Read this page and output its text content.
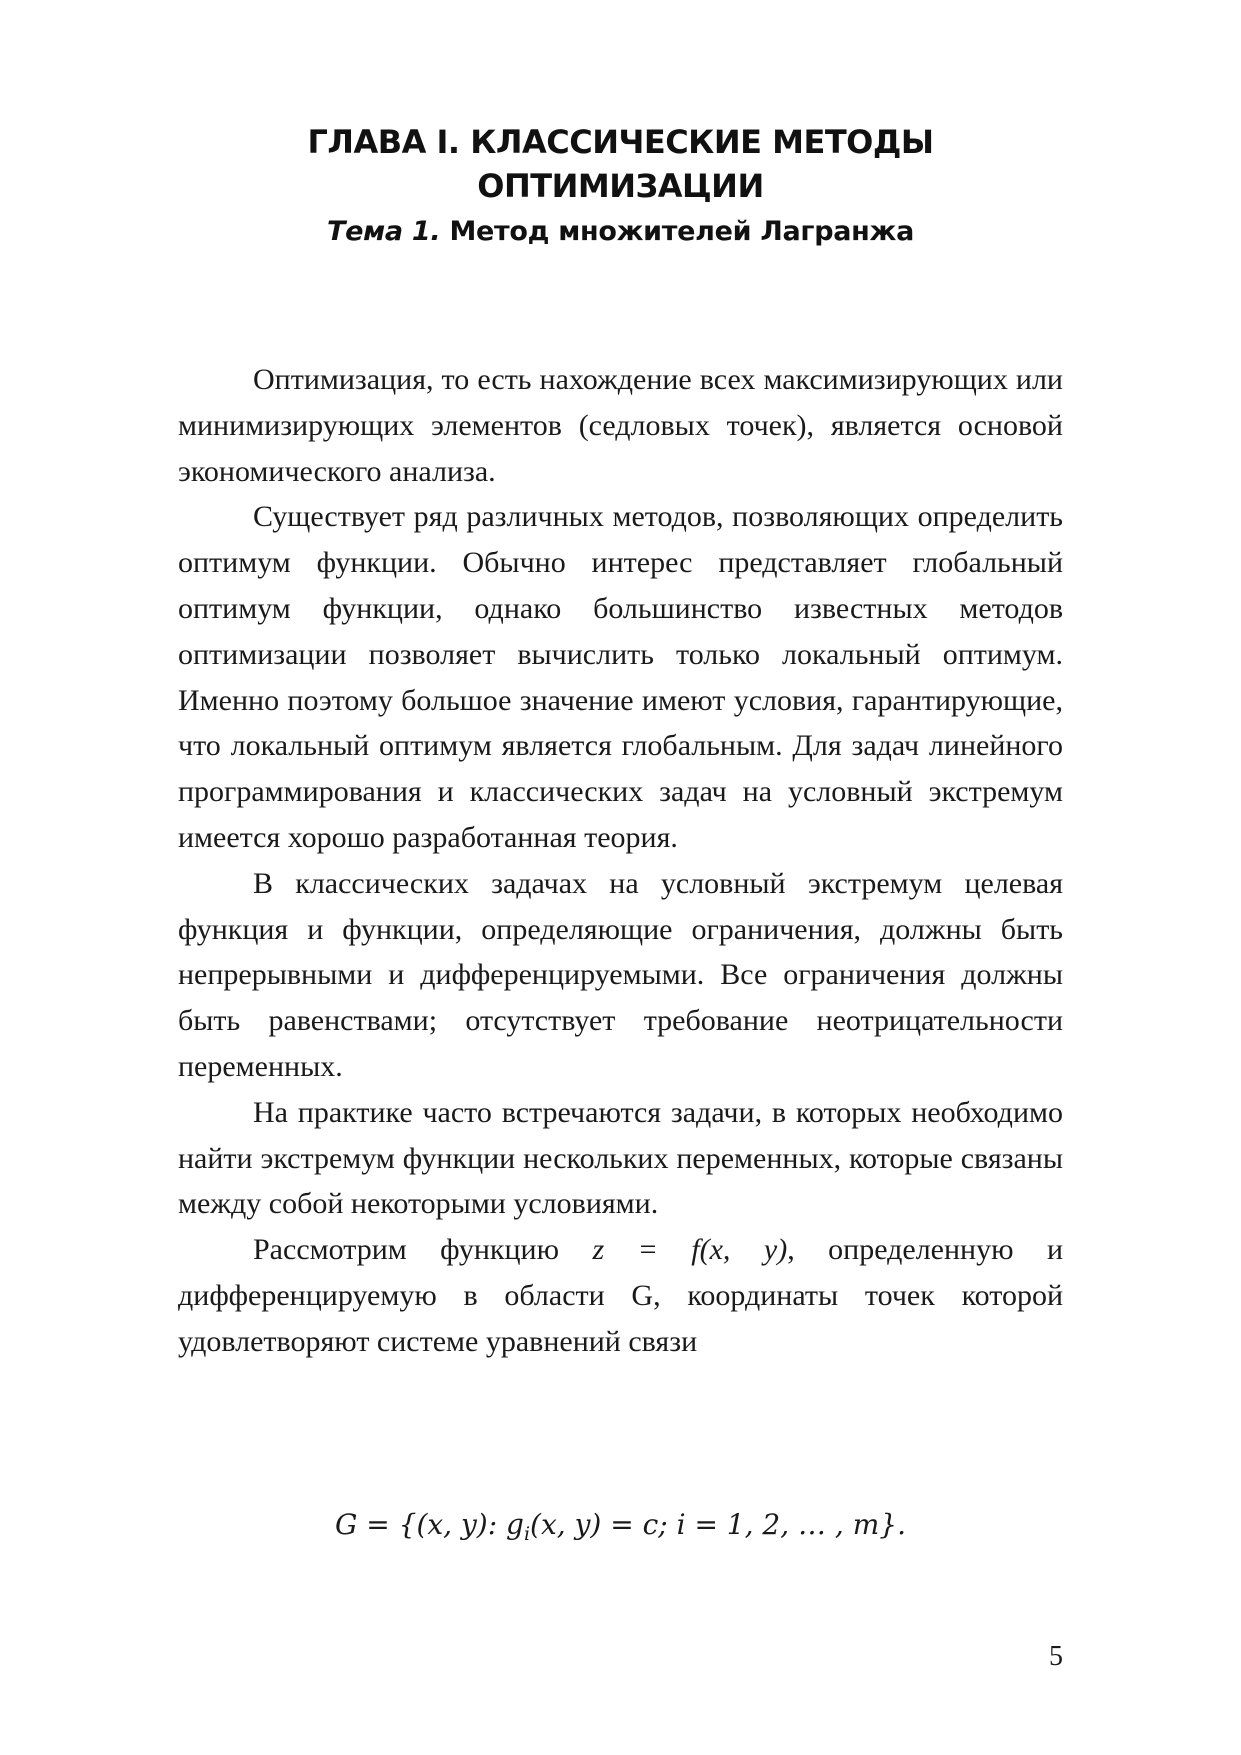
ГЛАВА I. КЛАССИЧЕСКИЕ МЕТОДЫ
ОПТИМИЗАЦИИ
Тема 1. Метод множителей Лагранжа

Оптимизация, то есть нахождение всех максимизирующих или минимизирующих элементов (седловых точек), является основой экономического анализа.

Существует ряд различных методов, позволяющих определить оптимум функции. Обычно интерес представляет глобальный оптимум функции, однако большинство известных методов оптимизации позволяет вычислить только локальный оптимум. Именно поэтому большое значение имеют условия, гарантирующие, что локальный оптимум является глобальным. Для задач линейного программирования и классических задач на условный экстремум имеется хорошо разработанная теория.

В классических задачах на условный экстремум целевая функция и функции, определяющие ограничения, должны быть непрерывными и дифференцируемыми. Все ограничения должны быть равенствами; отсутствует требование неотрицательности переменных.

На практике часто встречаются задачи, в которых необходимо найти экстремум функции нескольких переменных, которые связаны между собой некоторыми условиями.

Рассмотрим функцию z = f(x, y), определенную и дифференцируемую в области G, координаты точек которой удовлетворяют системе уравнений связи

G = {(x, y): $g_i(x$, y) = c; i = 1, 2, … , m}.
5
